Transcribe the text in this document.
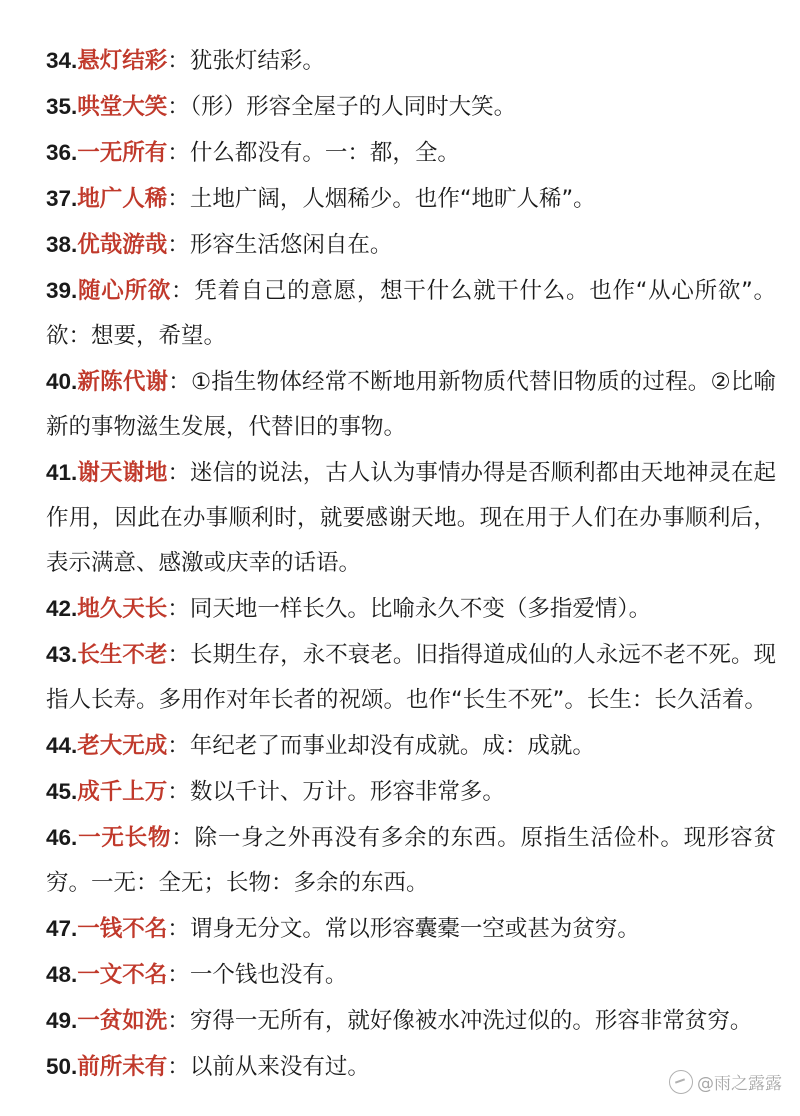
34.悬灯结彩：犹张灯结彩。

35.哄堂大笑：（形）形容全屋子的人同时大笑。

36.一无所有：什么都没有。一：都，全。

37.地广人稀：土地广阔，人烟稀少。也作“地旷人稀”。

38.优哉游哉：形容生活悠闲自在。

39.随心所欲：凭着自己的意愿，想干什么就干什么。也作“从心所欲”。欲：想要，希望。

40.新陈代谢：①指生物体经常不断地用新物质代替旧物质的过程。②比喻新的事物滋生发展，代替旧的事物。

41.谢天谢地：迷信的说法，古人认为事情办得是否顺利都由天地神灵在起作用，因此在办事顺利时，就要感谢天地。现在用于人们在办事顺利后，表示满意、感激或庆幸的话语。

42.地久天长：同天地一样长久。比喻永久不变（多指爱情）。

43.长生不老：长期生存，永不衰老。旧指得道成仙的人永远不老不死。现指人长寿。多用作对年长者的祝颂。也作“长生不死”。长生：长久活着。

44.老大无成：年纪老了而事业却没有成就。成：成就。

45.成千上万：数以千计、万计。形容非常多。

46.一无长物：除一身之外再没有多余的东西。原指生活俭朴。现形容贫穷。一无：全无；长物：多余的东西。

47.一钱不名：谓身无分文。常以形容囊橐一空或甚为贫穷。

48.一文不名：一个钱也没有。

49.一贫如洗：穷得一无所有，就好像被水冲洗过似的。形容非常贫穷。

50.前所未有：以前从来没有过。

@雨之露露
